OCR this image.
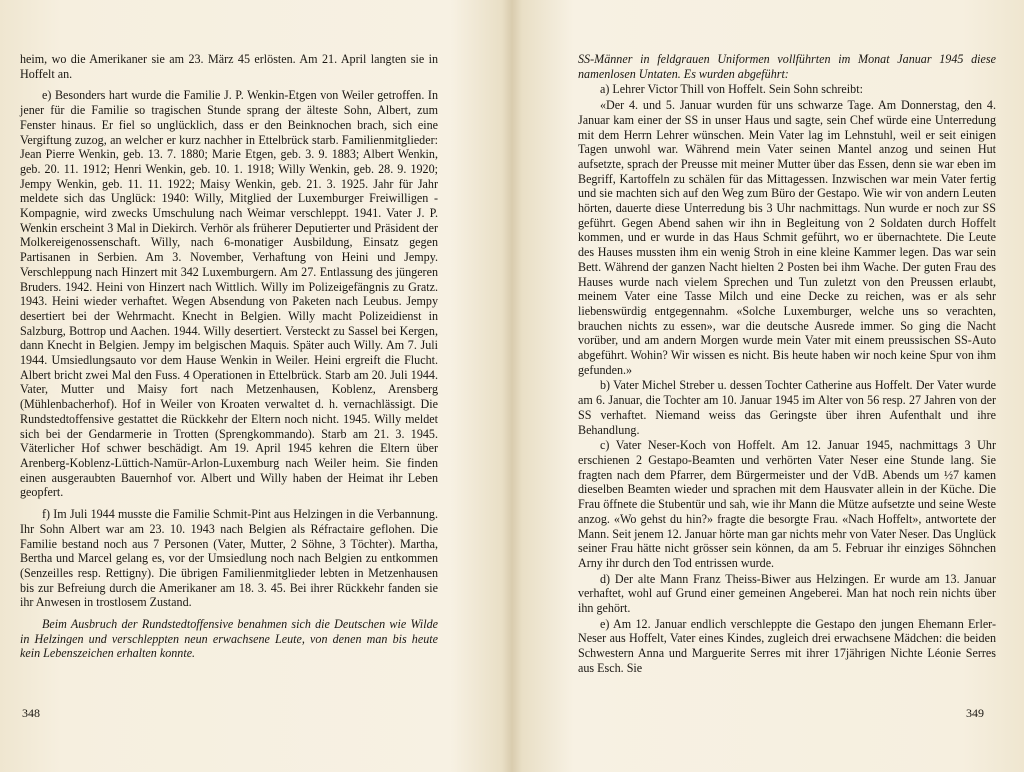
heim, wo die Amerikaner sie am 23. März 45 erlösten. Am 21. April langten sie in Hoffelt an.

e) Besonders hart wurde die Familie J. P. Wenkin-Etgen von Weiler getroffen. In jener für die Familie so tragischen Stunde sprang der älteste Sohn, Albert, zum Fenster hinaus. Er fiel so unglücklich, dass er den Beinknochen brach, sich eine Vergiftung zuzog, an welcher er kurz nachher in Ettelbrück starb. Familienmitglieder: Jean Pierre Wenkin, geb. 13. 7. 1880; Marie Etgen, geb. 3. 9. 1883; Albert Wenkin, geb. 20. 11. 1912; Henri Wenkin, geb. 10. 1. 1918; Willy Wenkin, geb. 28. 9. 1920; Jempy Wenkin, geb. 11. 11. 1922; Maisy Wenkin, geb. 21. 3. 1925. Jahr für Jahr meldete sich das Unglück: 1940: Willy, Mitglied der Luxemburger Freiwilligen - Kompagnie, wird zwecks Umschulung nach Weimar verschleppt. 1941. Vater J. P. Wenkin erscheint 3 Mal in Diekirch. Verhör als früherer Deputierter und Präsident der Molkereigenossenschaft. Willy, nach 6-monatiger Ausbildung, Einsatz gegen Partisanen in Serbien. Am 3. November, Verhaftung von Heini und Jempy. Verschleppung nach Hinzert mit 342 Luxemburgern. Am 27. Entlassung des jüngeren Bruders. 1942. Heini von Hinzert nach Wittlich. Willy im Polizeigefängnis zu Gratz. 1943. Heini wieder verhaftet. Wegen Absendung von Paketen nach Leubus. Jempy desertiert bei der Wehrmacht. Knecht in Belgien. Willy macht Polizeidienst in Salzburg, Bottrop und Aachen. 1944. Willy desertiert. Versteckt zu Sassel bei Kergen, dann Knecht in Belgien. Jempy im belgischen Maquis. Später auch Willy. Am 7. Juli 1944. Umsiedlungsauto vor dem Hause Wenkin in Weiler. Heini ergreift die Flucht. Albert bricht zwei Mal den Fuss. 4 Operationen in Ettelbrück. Starb am 20. Juli 1944. Vater, Mutter und Maisy fort nach Metzenhausen, Koblenz, Arensberg (Mühlenbacherhof). Hof in Weiler von Kroaten verwaltet d. h. vernachlässigt. Die Rundstedtoffensive gestattet die Rückkehr der Eltern noch nicht. 1945. Willy meldet sich bei der Gendarmerie in Trotten (Sprengkommando). Starb am 21. 3. 1945. Väterlicher Hof schwer beschädigt. Am 19. April 1945 kehren die Eltern über Arenberg-Koblenz-Lüttich-Namür-Arlon-Luxemburg nach Weiler heim. Sie finden einen ausgeraubten Bauernhof vor. Albert und Willy haben der Heimat ihr Leben geopfert.

f) Im Juli 1944 musste die Familie Schmit-Pint aus Helzingen in die Verbannung. Ihr Sohn Albert war am 23. 10. 1943 nach Belgien als Réfractaire geflohen. Die Familie bestand noch aus 7 Personen (Vater, Mutter, 2 Söhne, 3 Töchter). Martha, Bertha und Marcel gelang es, vor der Umsiedlung noch nach Belgien zu entkommen (Senzeilles resp. Rettigny). Die übrigen Familienmitglieder lebten in Metzenhausen bis zur Befreiung durch die Amerikaner am 18. 3. 45. Bei ihrer Rückkehr fanden sie ihr Anwesen in trostlosem Zustand.

Beim Ausbruch der Rundstedtoffensive benahmen sich die Deutschen wie Wilde in Helzingen und verschleppten neun erwachsene Leute, von denen man bis heute kein Lebenszeichen erhalten konnte.

348

SS-Männer in feldgrauen Uniformen vollführten im Monat Januar 1945 diese namenlosen Untaten. Es wurden abgeführt:

a) Lehrer Victor Thill von Hoffelt. Sein Sohn schreibt:

«Der 4. und 5. Januar wurden für uns schwarze Tage. Am Donnerstag, den 4. Januar kam einer der SS in unser Haus und sagte, sein Chef würde eine Unterredung mit dem Herrn Lehrer wünschen. Mein Vater lag im Lehnstuhl, weil er seit einigen Tagen unwohl war. Während mein Vater seinen Mantel anzog und seinen Hut aufsetzte, sprach der Preusse mit meiner Mutter über das Essen, denn sie war eben im Begriff, Kartoffeln zu schälen für das Mittagessen. Inzwischen war mein Vater fertig und sie machten sich auf den Weg zum Büro der Gestapo. Wie wir von andern Leuten hörten, dauerte diese Unterredung bis 3 Uhr nachmittags. Nun wurde er noch zur SS geführt. Gegen Abend sahen wir ihn in Begleitung von 2 Soldaten durch Hoffelt kommen, und er wurde in das Haus Schmit geführt, wo er übernachtete. Die Leute des Hauses mussten ihm ein wenig Stroh in eine kleine Kammer legen. Das war sein Bett. Während der ganzen Nacht hielten 2 Posten bei ihm Wache. Der guten Frau des Hauses wurde nach vielem Sprechen und Tun zuletzt von den Preussen erlaubt, meinem Vater eine Tasse Milch und eine Decke zu reichen, was er als sehr liebenswürdig entgegennahm. «Solche Luxemburger, welche uns so verachten, brauchen nichts zu essen», war die deutsche Ausrede immer. So ging die Nacht vorüber, und am andern Morgen wurde mein Vater mit einem preussischen SS-Auto abgeführt. Wohin? Wir wissen es nicht. Bis heute haben wir noch keine Spur von ihm gefunden.»

b) Vater Michel Streber u. dessen Tochter Catherine aus Hoffelt. Der Vater wurde am 6. Januar, die Tochter am 10. Januar 1945 im Alter von 56 resp. 27 Jahren von der SS verhaftet. Niemand weiss das Geringste über ihren Aufenthalt und ihre Behandlung.

c) Vater Neser-Koch von Hoffelt. Am 12. Januar 1945, nachmittags 3 Uhr erschienen 2 Gestapo-Beamten und verhörten Vater Neser eine Stunde lang. Sie fragten nach dem Pfarrer, dem Bürgermeister und der VdB. Abends um ½7 kamen dieselben Beamten wieder und sprachen mit dem Hausvater allein in der Küche. Die Frau öffnete die Stubentür und sah, wie ihr Mann die Mütze aufsetzte und seine Weste anzog. «Wo gehst du hin?» fragte die besorgte Frau. «Nach Hoffelt», antwortete der Mann. Seit jenem 12. Januar hörte man gar nichts mehr von Vater Neser. Das Unglück seiner Frau hätte nicht grösser sein können, da am 5. Februar ihr einziges Söhnchen Arny ihr durch den Tod entrissen wurde.

d) Der alte Mann Franz Theiss-Biwer aus Helzingen. Er wurde am 13. Januar verhaftet, wohl auf Grund einer gemeinen Angeberei. Man hat noch rein nichts über ihn gehört.

e) Am 12. Januar endlich verschleppte die Gestapo den jungen Ehemann Erler-Neser aus Hoffelt, Vater eines Kindes, zugleich drei erwachsene Mädchen: die beiden Schwestern Anna und Marguerite Serres mit ihrer 17jährigen Nichte Léonie Serres aus Esch. Sie

349
